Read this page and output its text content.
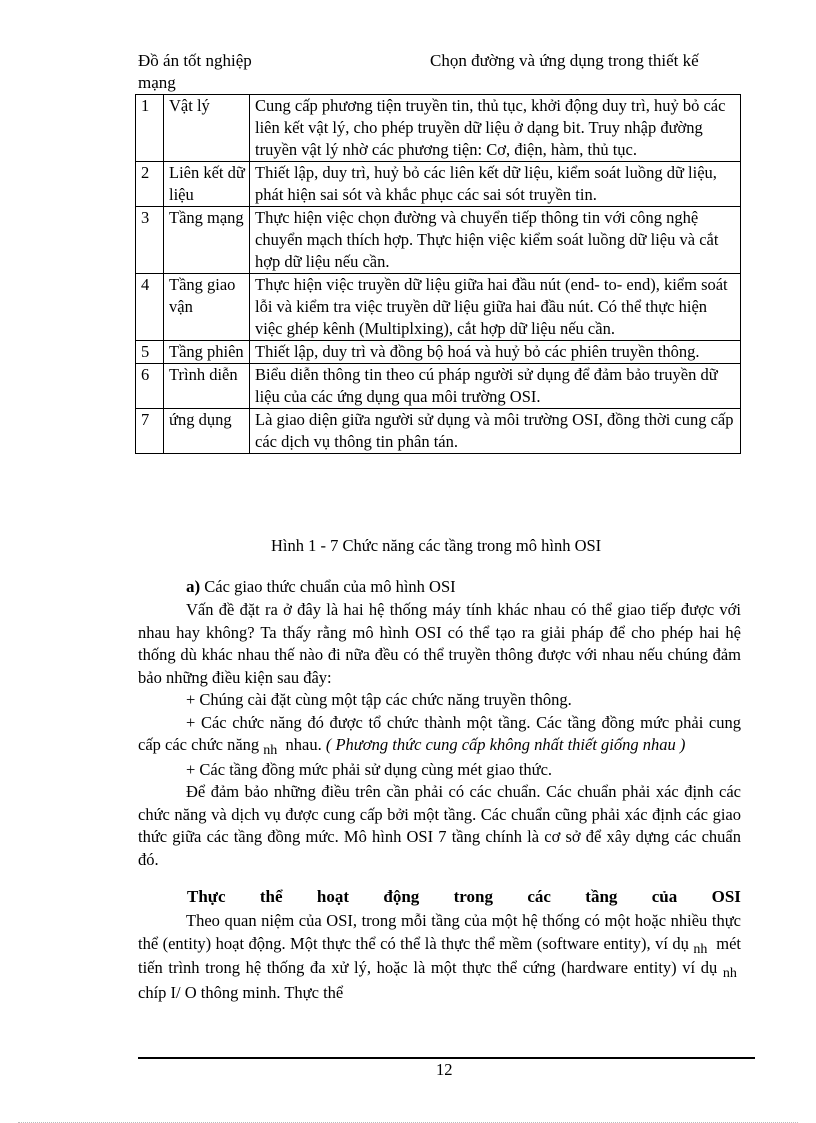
Đồ án tốt nghiệp
mạng
Chọn đường và ứng dụng trong thiết kế
1	Vật lý	Cung cấp phương tiện truyền tin, thủ tục, khởi động duy trì, huỷ bỏ các liên kết vật lý, cho phép truyền dữ liệu ở dạng bit. Truy nhập đường truyền vật lý nhờ các phương tiện: Cơ, điện, hàm, thủ tục.
2	Liên kết dữ liệu	Thiết lập, duy trì, huỷ bỏ các liên kết dữ liệu, kiểm soát luồng dữ liệu, phát hiện sai sót và khắc phục các sai sót truyền tin.
3	Tầng mạng	Thực hiện việc chọn đường và chuyển tiếp thông tin với công nghệ chuyển mạch thích hợp. Thực hiện việc kiểm soát luồng dữ liệu và cắt hợp dữ liệu nếu cần.
4	Tầng giao vận	Thực hiện việc truyền dữ liệu giữa hai đầu nút (end- to- end), kiểm soát lỗi và kiểm tra việc truyền dữ liệu giữa hai đầu nút. Có thể thực hiện việc ghép kênh (Multiplxing), cắt hợp dữ liệu nếu cần.
5	Tầng phiên	Thiết lập, duy trì và đồng bộ hoá và huỷ bỏ các phiên truyền thông.
6	Trình diễn	Biểu diễn thông tin theo cú pháp người sử dụng để đảm bảo truyền dữ liệu của các ứng dụng qua môi trường OSI.
7	ứng dụng	Là giao diện giữa người sử dụng và môi trường OSI, đồng thời cung cấp các dịch vụ thông tin phân tán.
Hình 1 - 7 Chức năng các tầng trong mô hình OSI
a) Các giao thức chuẩn của mô hình OSI

Vấn đề đặt ra ở đây là hai hệ thống máy tính khác nhau có thể giao tiếp được với nhau hay không? Ta thấy rằng mô hình OSI có thể tạo ra giải pháp để cho phép hai hệ thống dù khác nhau thế nào đi nữa đều có thể truyền thông được với nhau nếu chúng đảm bảo những điều kiện sau đây:

+ Chúng cài đặt cùng một tập các chức năng truyền thông.

+ Các chức năng đó được tổ chức thành một tầng. Các tầng đồng mức phải cung cấp các chức năng $_{nh}$ nhau. ( Phương thức cung cấp không nhất thiết giống nhau )

+ Các tầng đồng mức phải sử dụng cùng mét giao thức.

Để đảm bảo những điều trên cần phải có các chuẩn. Các chuẩn phải xác định các chức năng và dịch vụ được cung cấp bởi một tầng. Các chuẩn cũng phải xác định các giao thức giữa các tầng đồng mức. Mô hình OSI 7 tầng chính là cơ sở để xây dựng các chuẩn đó.

Thực thể hoạt động trong các tầng của OSI

Theo quan niệm của OSI, trong mỗi tầng của một hệ thống có một hoặc nhiều thực thể (entity) hoạt động. Một thực thể có thể là thực thể mềm (software entity), ví dụ $_{nh}$ mét tiến trình trong hệ thống đa xử lý, hoặc là một thực thể cứng (hardware entity) ví dụ $_{nh}$  chíp I/ O thông minh. Thực thể

12
